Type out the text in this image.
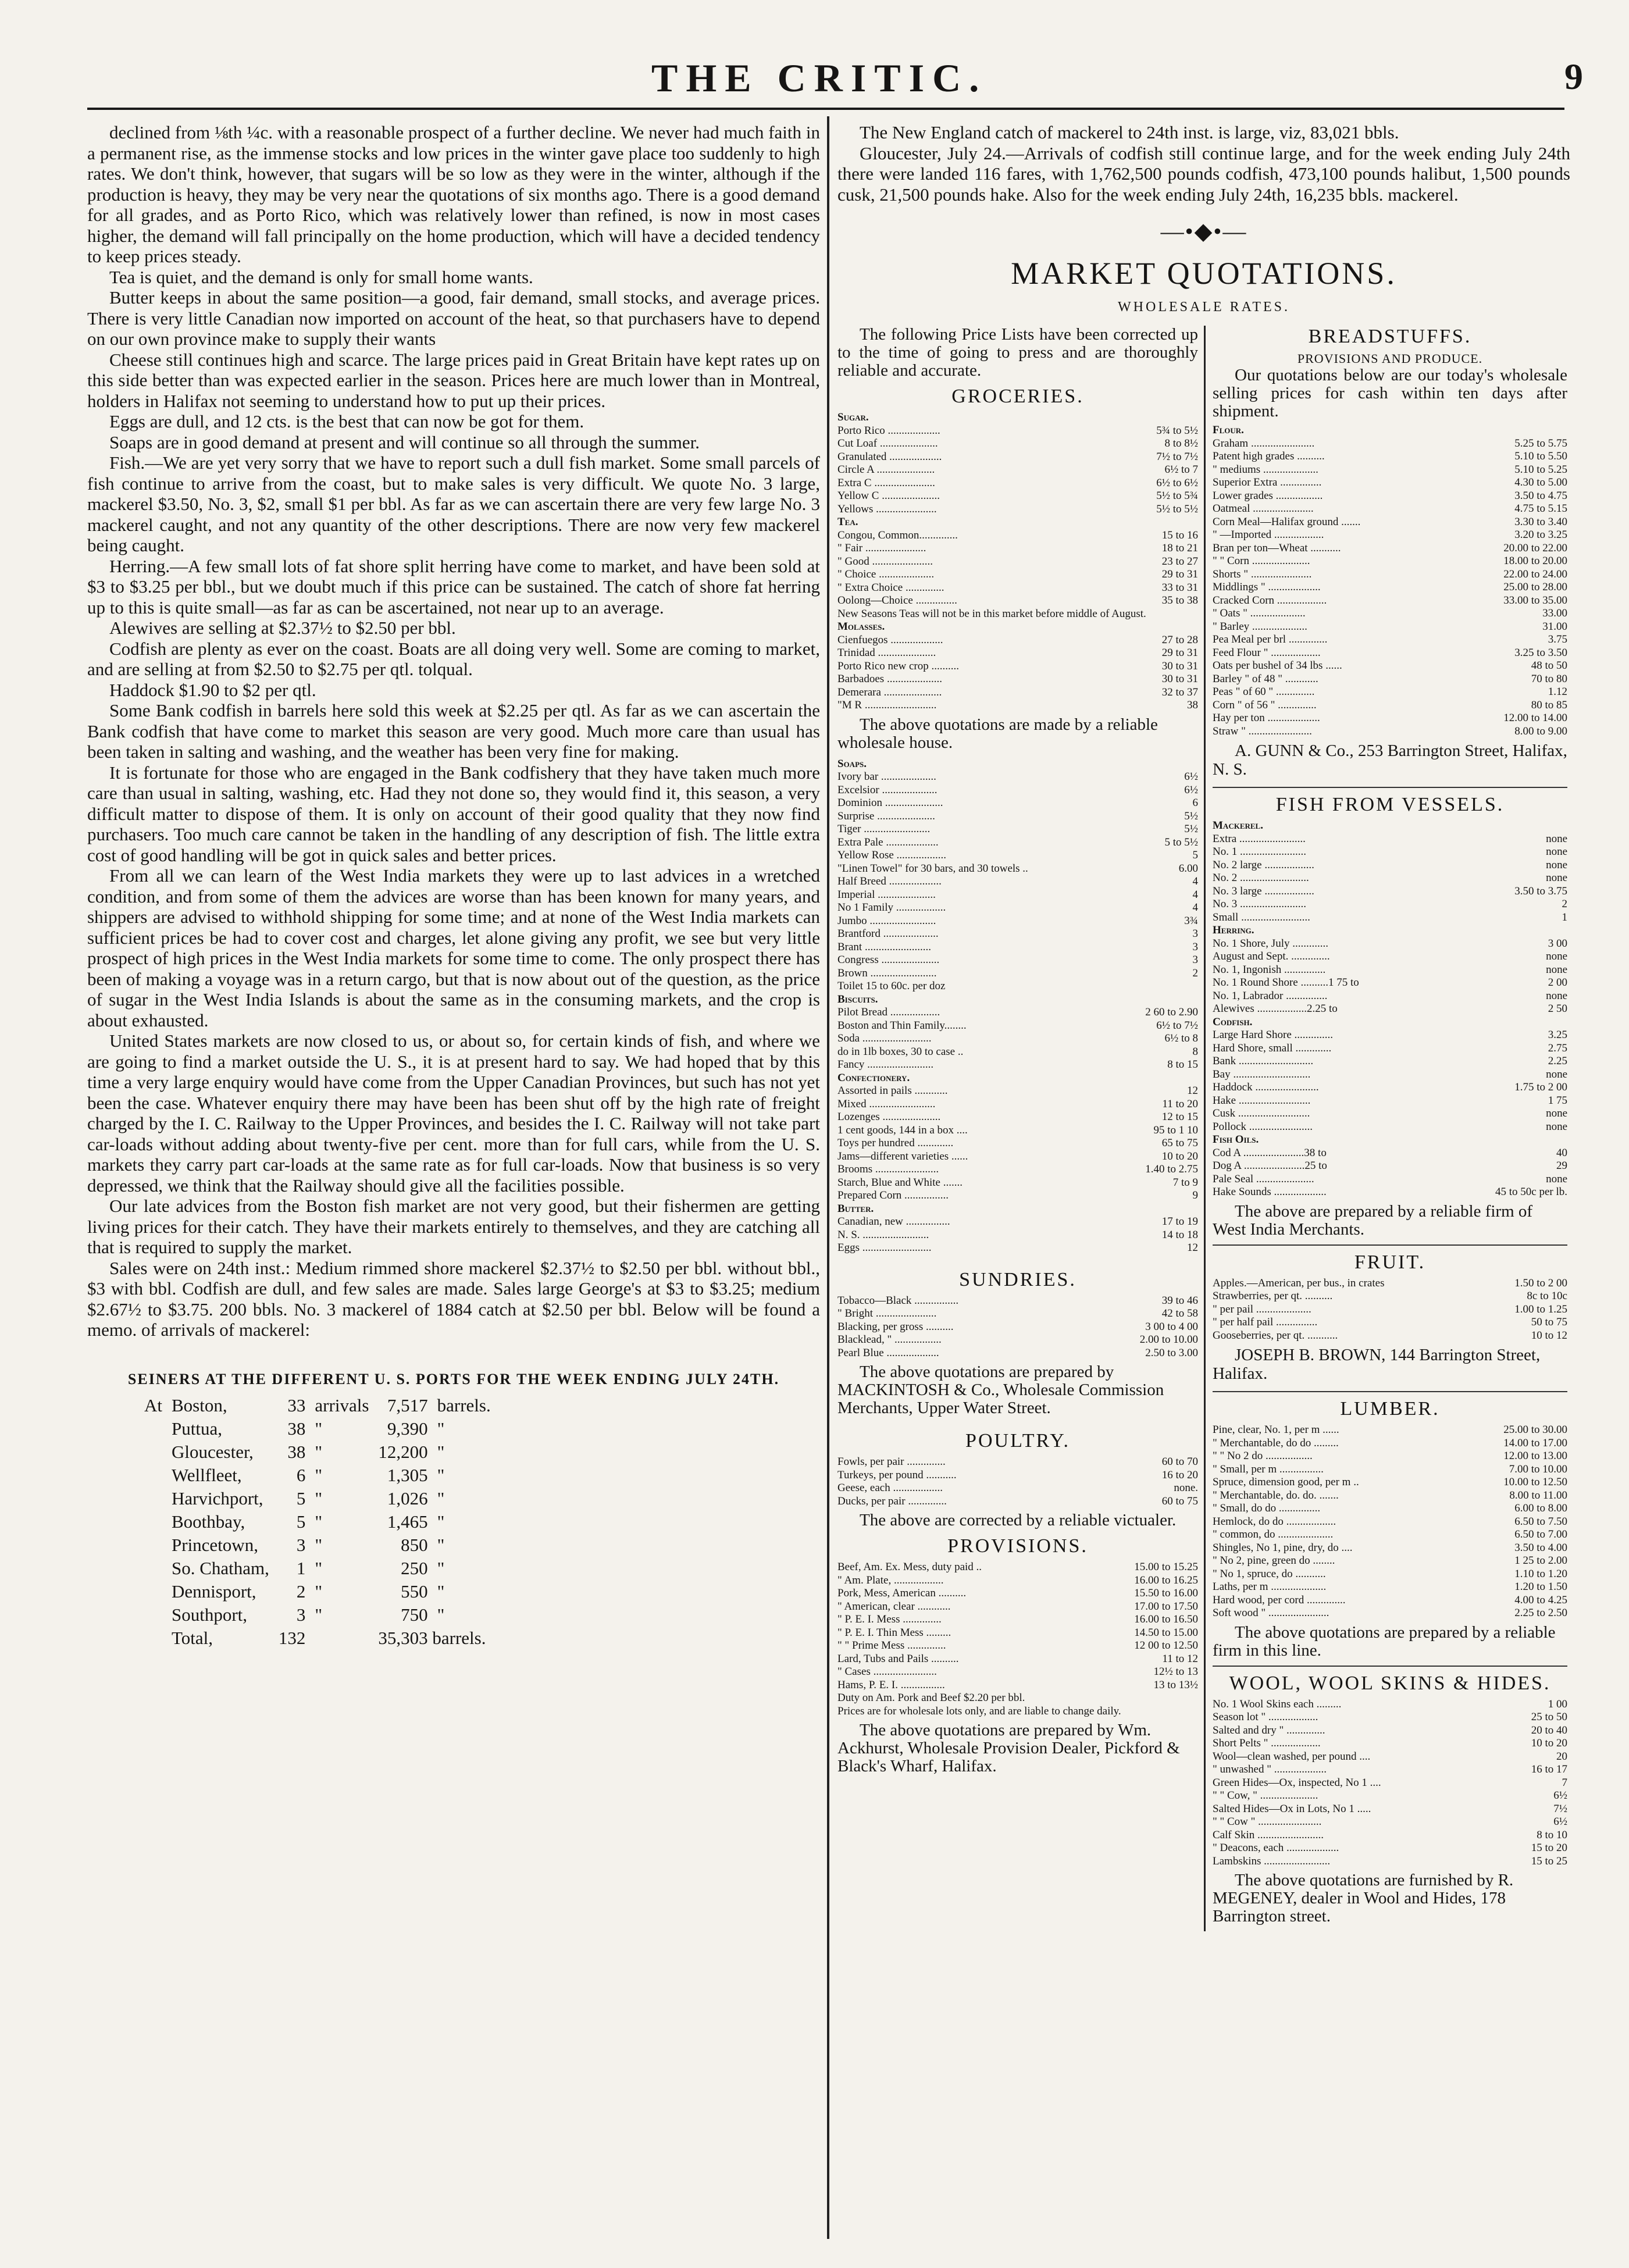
THE CRITIC.	9

declined from ⅛th ¼c. with a reasonable prospect of a further decline. We never had much faith in a permanent rise, as the immense stocks and low prices in the winter gave place too suddenly to high rates. We don't think, however, that sugars will be so low as they were in the winter, although if the production is heavy, they may be very near the quotations of six months ago. There is a good demand for all grades, and as Porto Rico, which was relatively lower than refined, is now in most cases higher, the demand will fall principally on the home production, which will have a decided tendency to keep prices steady.

Tea is quiet, and the demand is only for small home wants.

Butter keeps in about the same position—a good, fair demand, small stocks, and average prices. There is very little Canadian now imported on account of the heat, so that purchasers have to depend on our own province make to supply their wants

Cheese still continues high and scarce. The large prices paid in Great Britain have kept rates up on this side better than was expected earlier in the season. Prices here are much lower than in Montreal, holders in Halifax not seeming to understand how to put up their prices.

Eggs are dull, and 12 cts. is the best that can now be got for them.

Soaps are in good demand at present and will continue so all through the summer.

Fish.—We are yet very sorry that we have to report such a dull fish market. Some small parcels of fish continue to arrive from the coast, but to make sales is very difficult. We quote No. 3 large, mackerel $3.50, No. 3, $2, small $1 per bbl. As far as we can ascertain there are very few large No. 3 mackerel caught, and not any quantity of the other descriptions. There are now very few mackerel being caught.

Herring.—A few small lots of fat shore split herring have come to market, and have been sold at $3 to $3.25 per bbl., but we doubt much if this price can be sustained. The catch of shore fat herring up to this is quite small—as far as can be ascertained, not near up to an average.

Alewives are selling at $2.37½ to $2.50 per bbl.

Codfish are plenty as ever on the coast. Boats are all doing very well. Some are coming to market, and are selling at from $2.50 to $2.75 per qtl. tolqual.

Haddock $1.90 to $2 per qtl.

Some Bank codfish in barrels here sold this week at $2.25 per qtl. As far as we can ascertain the Bank codfish that have come to market this season are very good. Much more care than usual has been taken in salting and washing, and the weather has been very fine for making.

It is fortunate for those who are engaged in the Bank codfishery that they have taken much more care than usual in salting, washing, etc. Had they not done so, they would find it, this season, a very difficult matter to dispose of them. It is only on account of their good quality that they now find purchasers. Too much care cannot be taken in the handling of any description of fish. The little extra cost of good handling will be got in quick sales and better prices.

From all we can learn of the West India markets they were up to last advices in a wretched condition, and from some of them the advices are worse than has been known for many years, and shippers are advised to withhold shipping for some time; and at none of the West India markets can sufficient prices be had to cover cost and charges, let alone giving any profit, we see but very little prospect of high prices in the West India markets for some time to come. The only prospect there has been of making a voyage was in a return cargo, but that is now about out of the question, as the price of sugar in the West India Islands is about the same as in the consuming markets, and the crop is about exhausted.

United States markets are now closed to us, or about so, for certain kinds of fish, and where we are going to find a market outside the U. S., it is at present hard to say. We had hoped that by this time a very large enquiry would have come from the Upper Canadian Provinces, but such has not yet been the case. Whatever enquiry there may have been has been shut off by the high rate of freight charged by the I. C. Railway to the Upper Provinces, and besides the I. C. Railway will not take part car-loads without adding about twenty-five per cent. more than for full cars, while from the U. S. markets they carry part car-loads at the same rate as for full car-loads. Now that business is so very depressed, we think that the Railway should give all the facilities possible.

Our late advices from the Boston fish market are not very good, but their fishermen are getting living prices for their catch. They have their markets entirely to themselves, and they are catching all that is required to supply the market.

Sales were on 24th inst.: Medium rimmed shore mackerel $2.37½ to $2.50 per bbl. without bbl., $3 with bbl. Codfish are dull, and few sales are made. Sales large George's at $3 to $3.25; medium $2.67½ to $3.75. 200 bbls. No. 3 mackerel of 1884 catch at $2.50 per bbl. Below will be found a memo. of arrivals of mackerel:

SEINERS AT THE DIFFERENT U. S. PORTS FOR THE WEEK ENDING JULY 24TH.
At	Boston,	33	arrivals	7,517	barrels.
	Puttua,	38	"	9,390	"
	Gloucester,	38	"	12,200	"
	Wellfleet,	6	"	1,305	"
	Harvichport,	5	"	1,026	"
	Boothbay,	5	"	1,465	"
	Princetown,	3	"	850	"
	So. Chatham,	1	"	250	"
	Dennisport,	2	"	550	"
	Southport,	3	"	750	"
	Total,	132		35,303 barrels.	

The New England catch of mackerel to 24th inst. is large, viz, 83,021 bbls.

Gloucester, July 24.—Arrivals of codfish still continue large, and for the week ending July 24th there were landed 116 fares, with 1,762,500 pounds codfish, 473,100 pounds halibut, 1,500 pounds cusk, 21,500 pounds hake. Also for the week ending July 24th, 16,235 bbls. mackerel.

—•◆•—
MARKET QUOTATIONS.
WHOLESALE RATES.

The following Price Lists have been corrected up to the time of going to press and are thoroughly reliable and accurate.

GROCERIES.
Sugar.
Porto Rico ...................	5¾ to 5½
Cut Loaf .....................	8 to 8½
Granulated ...................	7½ to 7½
Circle A .....................	6½ to 7
Extra C ......................	6½ to 6½
Yellow C .....................	5½ to 5¾
Yellows ......................	5½ to 5½
Tea.
Congou, Common..............	15 to 16
" Fair ......................	18 to 21
" Good ......................	23 to 27
" Choice ....................	29 to 31
" Extra Choice ..............	33 to 31
Oolong—Choice ...............	35 to 38
New Seasons Teas will not be in this market before middle of August.
Molasses.
Cienfuegos ...................	27 to 28
Trinidad .....................	29 to 31
Porto Rico new crop ..........	30 to 31
Barbadoes ....................	30 to 31
Demerara .....................	32 to 37
"M R ..........................	38

The above quotations are made by a reliable wholesale house.

Soaps.
Ivory bar ....................	6½
Excelsior ....................	6½
Dominion .....................	6
Surprise .....................	5½
Tiger ........................	5½
Extra Pale ...................	5 to 5½
Yellow Rose ..................	5
"Linen Towel" for 30 bars, and 30 towels ..	6.00
Half Breed ...................	4
Imperial .....................	4
No 1 Family ..................	4
Jumbo ........................	3¾
Brantford ....................	3
Brant ........................	3
Congress .....................	3
Brown ........................	2
Toilet 15 to 60c. per doz
Biscuits.
Pilot Bread ..................	2 60 to 2.90
Boston and Thin Family........	6½ to 7½
Soda .........................	6½ to 8
do in 1lb boxes, 30 to case ..	8
Fancy ........................	8 to 15
Confectionery.
Assorted in pails ............	12
Mixed ........................	11 to 20
Lozenges .....................	12 to 15
1 cent goods, 144 in a box ....	95 to 1 10
Toys per hundred .............	65 to 75
Jams—different varieties ......	10 to 20
Brooms .......................	1.40 to 2.75
Starch, Blue and White .......	7 to 9
Prepared Corn ................	9
Butter.
Canadian, new ................	17 to 19
N. S. ........................	14 to 18
Eggs .........................	12
SUNDRIES.
Tobacco—Black ................	39 to 46
" Bright ......................	42 to 58
Blacking, per gross ..........	3 00 to 4 00
Blacklead, " .................	2.00 to 10.00
Pearl Blue ...................	2.50 to 3.00

The above quotations are prepared by MACKINTOSH & Co., Wholesale Commission Merchants, Upper Water Street.

POULTRY.
Fowls, per pair ..............	60 to 70
Turkeys, per pound ...........	16 to 20
Geese, each ..................	none.
Ducks, per pair ..............	60 to 75

The above are corrected by a reliable victualer.

PROVISIONS.
Beef, Am. Ex. Mess, duty paid ..	15.00 to 15.25
" Am. Plate, ..................	16.00 to 16.25
Pork, Mess, American ..........	15.50 to 16.00
" American, clear ............	17.00 to 17.50
" P. E. I. Mess ..............	16.00 to 16.50
" P. E. I. Thin Mess .........	14.50 to 15.00
" " Prime Mess ..............	12 00 to 12.50
Lard, Tubs and Pails ..........	11 to 12
" Cases .......................	12½ to 13
Hams, P. E. I. ................	13 to 13½
Duty on Am. Pork and Beef $2.20 per bbl.
Prices are for wholesale lots only, and are liable to change daily.

The above quotations are prepared by Wm. Ackhurst, Wholesale Provision Dealer, Pickford & Black's Wharf, Halifax.

BREADSTUFFS.
PROVISIONS AND PRODUCE.

Our quotations below are our today's wholesale selling prices for cash within ten days after shipment.

Flour.
Graham .......................	5.25 to 5.75
Patent high grades ..........	5.10 to 5.50
" mediums ....................	5.10 to 5.25
Superior Extra ...............	4.30 to 5.00
Lower grades .................	3.50 to 4.75
Oatmeal ......................	4.75 to 5.15
Corn Meal—Halifax ground .......	3.30 to 3.40
" —Imported ..................	3.20 to 3.25
Bran per ton—Wheat ...........	20.00 to 22.00
" " Corn .....................	18.00 to 20.00
Shorts " ......................	22.00 to 24.00
Middlings " ...................	25.00 to 28.00
Cracked Corn ..................	33.00 to 35.00
" Oats " ....................	33.00
" Barley ....................	31.00
Pea Meal per brl ..............	3.75
Feed Flour " ..................	3.25 to 3.50
Oats per bushel of 34 lbs ......	48 to 50
Barley " of 48 " ............	70 to 80
Peas " of 60 " ..............	1.12
Corn " of 56 " ..............	80 to 85
Hay per ton ...................	12.00 to 14.00
Straw " .......................	8.00 to 9.00

A. GUNN & Co., 253 Barrington Street, Halifax, N. S.

FISH FROM VESSELS.
Mackerel.
Extra ........................	none
No. 1 ........................	none
No. 2 large ..................	none
No. 2 .........................	none
No. 3 large ..................	3.50 to 3.75
No. 3 ........................	2
Small .........................	1
Herring.
No. 1 Shore, July .............	3 00
August and Sept. ..............	none
No. 1, Ingonish ...............	none
No. 1 Round Shore ..........1 75 to	2 00
No. 1, Labrador ...............	none
Alewives ..................2.25 to	2 50
Codfish.
Large Hard Shore ..............	3.25
Hard Shore, small .............	2.75
Bank ...........................	2.25
Bay ............................	none
Haddock .......................	1.75 to 2 00
Hake ..........................	1 75
Cusk ..........................	none
Pollock .......................	none
Fish Oils.
Cod A ......................38 to	40
Dog A ......................25 to	29
Pale Seal .....................	none
Hake Sounds ...................	45 to 50c per lb.

The above are prepared by a reliable firm of West India Merchants.

FRUIT.
Apples.—American, per bus., in crates	1.50 to 2 00
Strawberries, per qt. ..........	8c to 10c
" per pail ....................	1.00 to 1.25
" per half pail ...............	50 to 75
Gooseberries, per qt. ...........	10 to 12

JOSEPH B. BROWN, 144 Barrington Street, Halifax.

LUMBER.
Pine, clear, No. 1, per m ......	25.00 to 30.00
" Merchantable, do do .........	14.00 to 17.00
" " No 2 do .................	12.00 to 13.00
" Small, per m ................	7.00 to 10.00
Spruce, dimension good, per m ..	10.00 to 12.50
" Merchantable, do. do. .......	8.00 to 11.00
" Small, do do ...............	6.00 to 8.00
Hemlock, do do ..................	6.50 to 7.50
" common, do ....................	6.50 to 7.00
Shingles, No 1, pine, dry, do ....	3.50 to 4.00
" No 2, pine, green do ........	1 25 to 2.00
" No 1, spruce, do ...........	1.10 to 1.20
Laths, per m ....................	1.20 to 1.50
Hard wood, per cord ..............	4.00 to 4.25
Soft wood " ......................	2.25 to 2.50

The above quotations are prepared by a reliable firm in this line.

WOOL, WOOL SKINS & HIDES.
No. 1 Wool Skins each .........	1 00
Season lot " ..................	25 to 50
Salted and dry " ..............	20 to 40
Short Pelts " ..................	10 to 20
Wool—clean washed, per pound ....	20
" unwashed " ...................	16 to 17
Green Hides—Ox, inspected, No 1 ....	7
" " Cow, " .....................	6½
Salted Hides—Ox in Lots, No 1 .....	7½
" " Cow " .......................	6½
Calf Skin ........................	8 to 10
" Deacons, each ...................	15 to 20
Lambskins ........................	15 to 25

The above quotations are furnished by R. MEGENEY, dealer in Wool and Hides, 178 Barrington street.
